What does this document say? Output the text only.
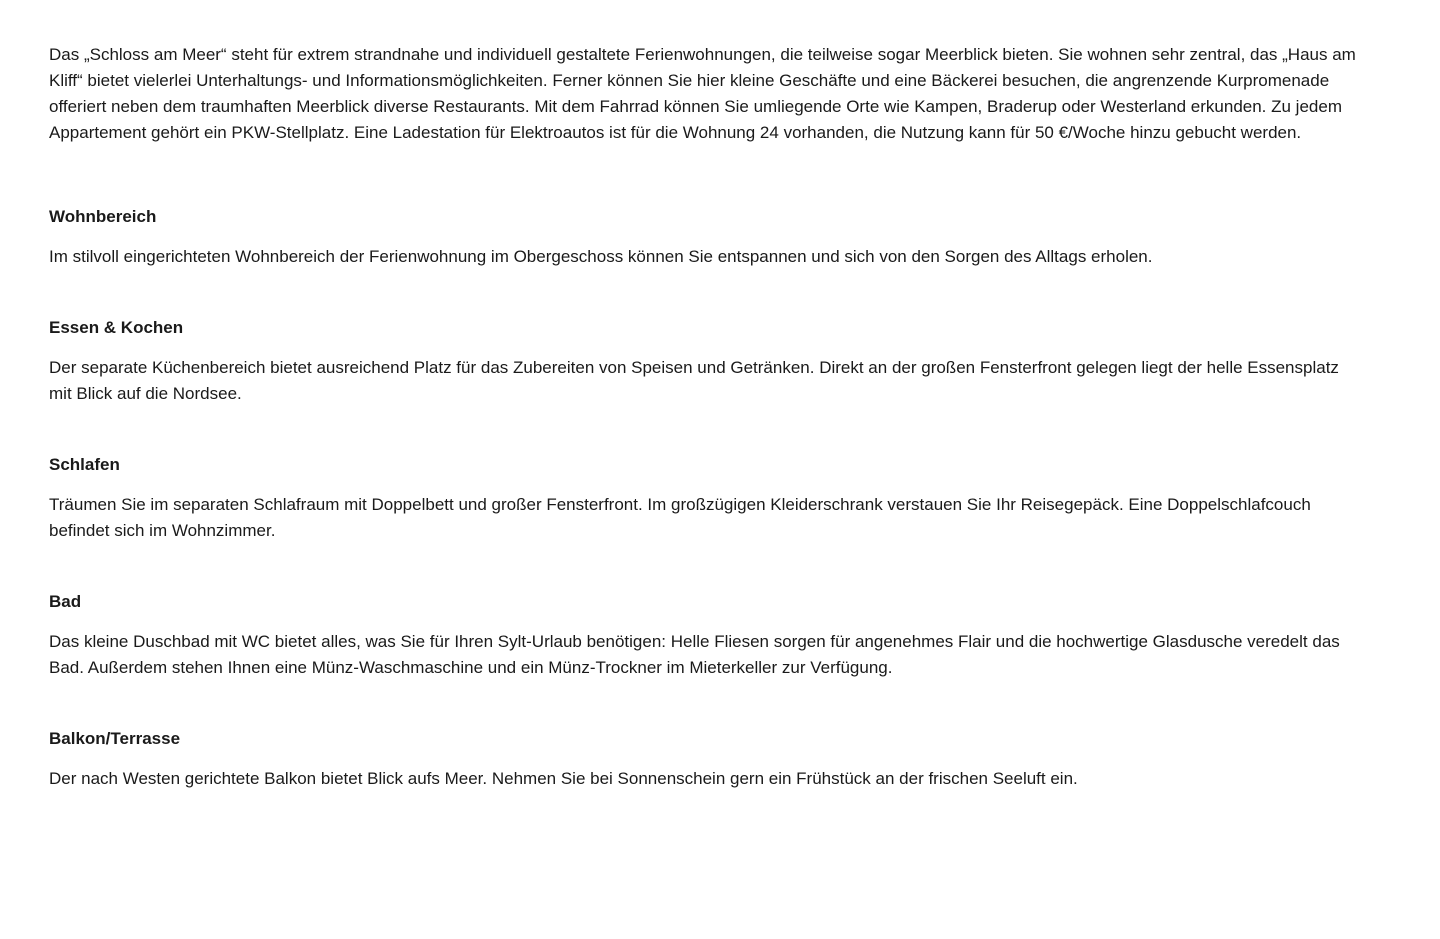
Das „Schloss am Meer“ steht für extrem strandnahe und individuell gestaltete Ferienwohnungen, die teilweise sogar Meerblick bieten. Sie wohnen sehr zentral, das „Haus am Kliff“ bietet vielerlei Unterhaltungs- und Informationsmöglichkeiten. Ferner können Sie hier kleine Geschäfte und eine Bäckerei besuchen, die angrenzende Kurpromenade offeriert neben dem traumhaften Meerblick diverse Restaurants. Mit dem Fahrrad können Sie umliegende Orte wie Kampen, Braderup oder Westerland erkunden. Zu jedem Appartement gehört ein PKW-Stellplatz. Eine Ladestation für Elektroautos ist für die Wohnung 24 vorhanden, die Nutzung kann für 50 €/Woche hinzu gebucht werden.

Wohnbereich

Im stilvoll eingerichteten Wohnbereich der Ferienwohnung im Obergeschoss können Sie entspannen und sich von den Sorgen des Alltags erholen.

Essen & Kochen

Der separate Küchenbereich bietet ausreichend Platz für das Zubereiten von Speisen und Getränken. Direkt an der großen Fensterfront gelegen liegt der helle Essensplatz mit Blick auf die Nordsee.

Schlafen

Träumen Sie im separaten Schlafraum mit Doppelbett und großer Fensterfront. Im großzügigen Kleiderschrank verstauen Sie Ihr Reisegepäck. Eine Doppelschlafcouch befindet sich im Wohnzimmer.

Bad

Das kleine Duschbad mit WC bietet alles, was Sie für Ihren Sylt-Urlaub benötigen: Helle Fliesen sorgen für angenehmes Flair und die hochwertige Glasdusche veredelt das Bad. Außerdem stehen Ihnen eine Münz-Waschmaschine und ein Münz-Trockner im Mieterkeller zur Verfügung.

Balkon/Terrasse

Der nach Westen gerichtete Balkon bietet Blick aufs Meer. Nehmen Sie bei Sonnenschein gern ein Frühstück an der frischen Seeluft ein.
